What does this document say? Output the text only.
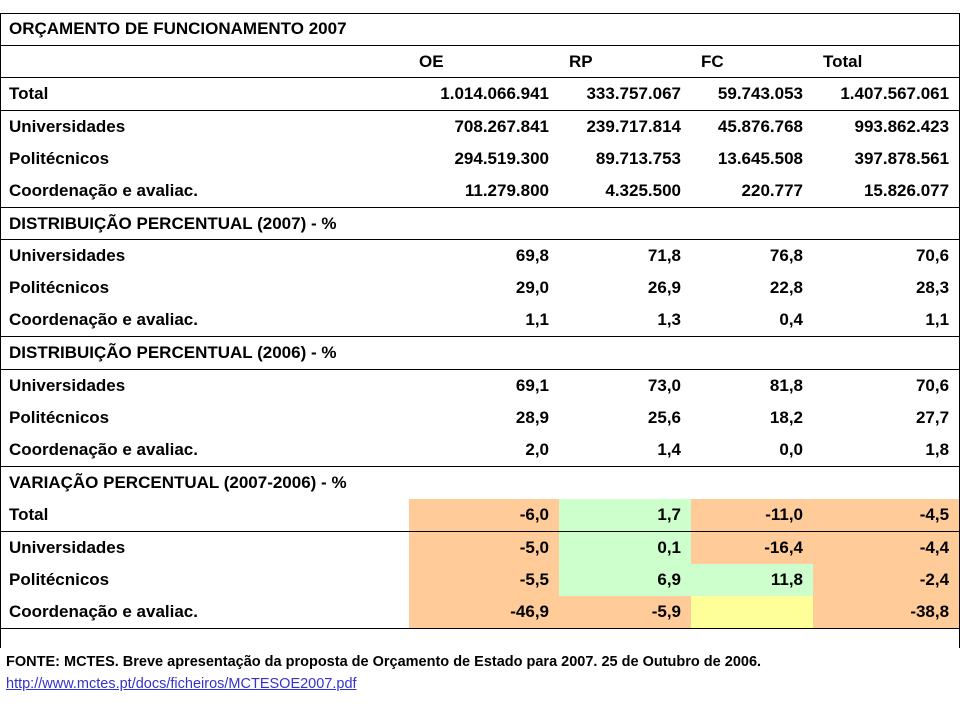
ORÇAMENTO DE FUNCIONAMENTO 2007				
	OE	RP	FC	Total
Total	1.014.066.941	333.757.067	59.743.053	1.407.567.061
Universidades	708.267.841	239.717.814	45.876.768	993.862.423
Politécnicos	294.519.300	89.713.753	13.645.508	397.878.561
Coordenação e avaliac.	11.279.800	4.325.500	220.777	15.826.077
DISTRIBUIÇÃO PERCENTUAL (2007) - %				
Universidades	69,8	71,8	76,8	70,6
Politécnicos	29,0	26,9	22,8	28,3
Coordenação e avaliac.	1,1	1,3	0,4	1,1
DISTRIBUIÇÃO PERCENTUAL (2006) - %				
Universidades	69,1	73,0	81,8	70,6
Politécnicos	28,9	25,6	18,2	27,7
Coordenação e avaliac.	2,0	1,4	0,0	1,8
VARIAÇÃO PERCENTUAL (2007-2006) - %				
Total	-6,0	1,7	-11,0	-4,5
Universidades	-5,0	0,1	-16,4	-4,4
Politécnicos	-5,5	6,9	11,8	-2,4
Coordenação e avaliac.	-46,9	-5,9		-38,8
FONTE: MCTES. Breve apresentação da proposta de Orçamento de Estado para 2007. 25 de Outubro de 2006.
http://www.mctes.pt/docs/ficheiros/MCTESOE2007.pdf
